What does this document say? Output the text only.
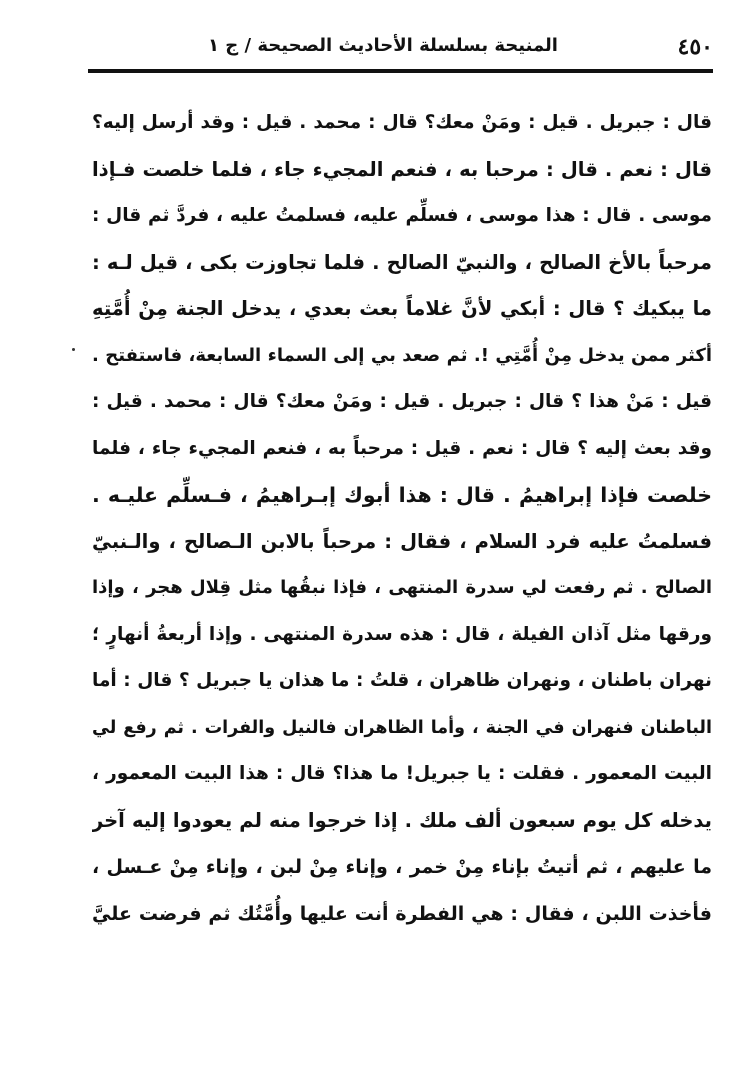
٤٥٠
المنيحة بسلسلة الأحاديث الصحيحة / ج ١
قال : جبريل . قيل : ومَنْ معك؟ قال : محمد . قيل : وقد أرسل إليه؟
قال : نعم . قال : مرحبا به ، فنعم المجيء جاء ، فلما خلصت فـإذا
موسى . قال : هذا موسى ، فسلِّم عليه، فسلمتُ عليه ، فردَّ ثم قال :
مرحباً بالأخ الصالح ، والنبيّ الصالح . فلما تجاوزت بكى ، قيل لـه :
ما يبكيك ؟ قال : أبكي لأنَّ غلاماً بعث بعدي ، يدخل الجنة مِنْ أُمَّتِهِ
أكثر ممن يدخل مِنْ أُمَّتِي !. ثم صعد بي إلى السماء السابعة، فاستفتح .
قيل : مَنْ هذا ؟ قال : جبريل . قيل : ومَنْ معك؟ قال : محمد . قيل :
وقد بعث إليه ؟ قال : نعم . قيل : مرحباً به ، فنعم المجيء جاء ، فلما
خلصت فإذا إبراهيمُ . قال : هذا أبوك إبـراهيمُ ، فـسلِّم عليـه .
فسلمتُ عليه فرد السلام ، فقال : مرحباً بالابن الـصالح ، والـنبيّ
الصالح . ثم رفعت لي سدرة المنتهى ، فإذا نبقُها مثل قِلال هجر ، وإذا
ورقها مثل آذان الفيلة ، قال : هذه سدرة المنتهى . وإذا أربعةُ أنهارٍ ؛
نهران باطنان ، ونهران ظاهران ، قلتُ : ما هذان يا جبريل ؟ قال : أما
الباطنان فنهران في الجنة ، وأما الظاهران فالنيل والفرات . ثم رفع لي
البيت المعمور . فقلت : يا جبريل! ما هذا؟ قال : هذا البيت المعمور ،
يدخله كل يوم سبعون ألف ملك . إذا خرجوا منه لم يعودوا إليه آخر
ما عليهم ، ثم أتيتُ بإناء مِنْ خمر ، وإناء مِنْ لبن ، وإناء مِنْ عـسل ،
فأخذت اللبن ، فقال : هي الفطرة أنت عليها وأُمَّتُك ثم فرضت عليَّ
